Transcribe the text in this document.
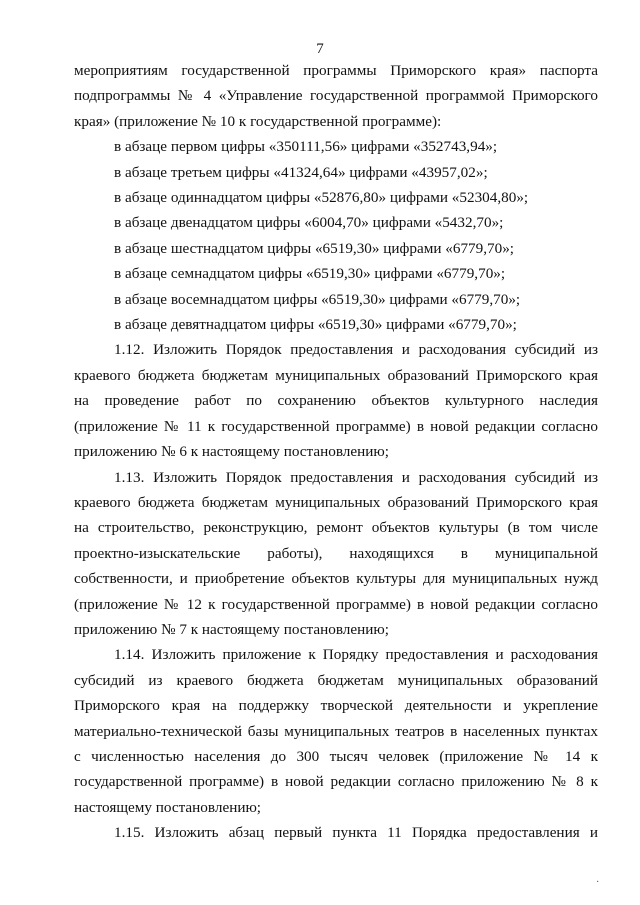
7

мероприятиям государственной программы Приморского края» паспорта

подпрограммы № 4 «Управление государственной программой Приморского

края» (приложение № 10 к государственной программе):

в абзаце первом цифры «350111,56» цифрами «352743,94»;

в абзаце третьем цифры «41324,64» цифрами «43957,02»;

в абзаце одиннадцатом цифры «52876,80» цифрами «52304,80»;

в абзаце двенадцатом цифры «6004,70» цифрами «5432,70»;

в абзаце шестнадцатом цифры «6519,30» цифрами «6779,70»;

в абзаце семнадцатом цифры «6519,30» цифрами «6779,70»;

в абзаце восемнадцатом цифры «6519,30» цифрами «6779,70»;

в абзаце девятнадцатом цифры «6519,30» цифрами «6779,70»;

1.12. Изложить Порядок предоставления и расходования субсидий из

краевого бюджета бюджетам муниципальных образований Приморского края

на проведение работ по сохранению объектов культурного наследия

(приложение № 11 к государственной программе) в новой редакции согласно

приложению № 6 к настоящему постановлению;

1.13. Изложить Порядок предоставления и расходования субсидий из

краевого бюджета бюджетам муниципальных образований Приморского края

на строительство, реконструкцию, ремонт объектов культуры (в том числе

проектно-изыскательские работы), находящихся в муниципальной

собственности, и приобретение объектов культуры для муниципальных нужд

(приложение № 12 к государственной программе) в новой редакции согласно

приложению № 7 к настоящему постановлению;

1.14. Изложить приложение к Порядку предоставления и расходования

субсидий из краевого бюджета бюджетам муниципальных образований

Приморского края на поддержку творческой деятельности и укрепление

материально-технической базы муниципальных театров в населенных пунктах

с численностью населения до 300 тысяч человек (приложение № 14 к

государственной программе) в новой редакции согласно приложению № 8 к

настоящему постановлению;

1.15. Изложить абзац первый пункта 11 Порядка предоставления и

·
